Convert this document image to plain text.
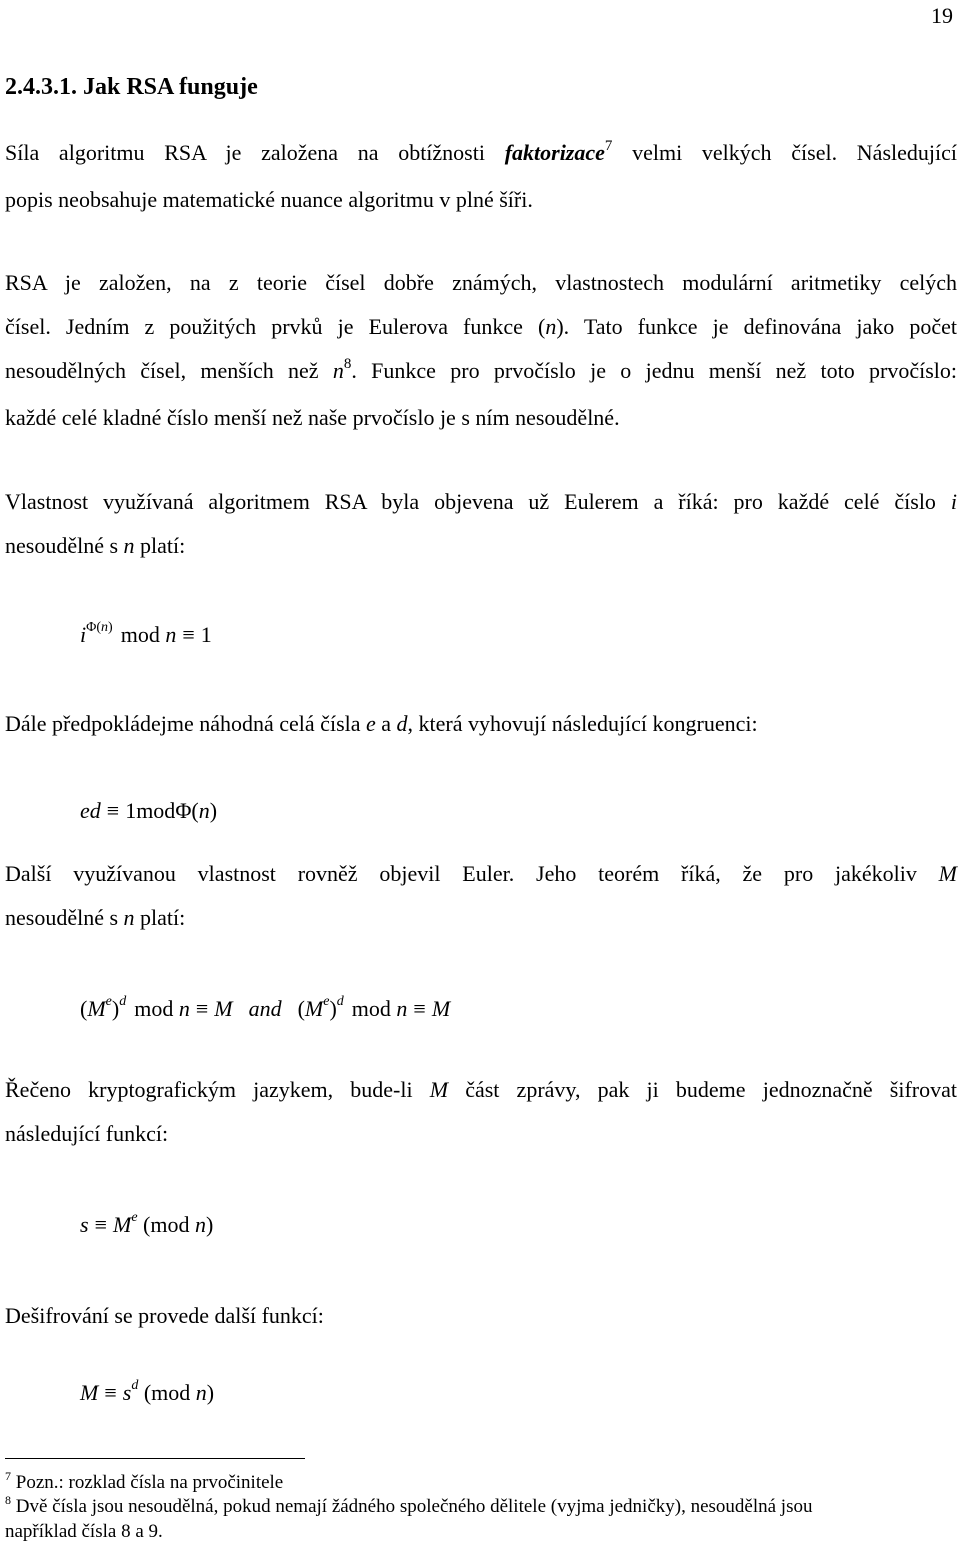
19
2.4.3.1. Jak RSA funguje
Síla algoritmu RSA je založena na obtížnosti faktorizace$^7$ velmi velkých čísel. Následující
popis neobsahuje matematické nuance algoritmu v plné šíři.
RSA je založen, na z teorie čísel dobře známých, vlastnostech modulární aritmetiky celých
čísel. Jedním z použitých prvků je Eulerova funkce (n). Tato funkce je definována jako počet
nesoudělných čísel, menších než $n^8$. Funkce pro prvočíslo je o jednu menší než toto prvočíslo:
každé celé kladné číslo menší než naše prvočíslo je s ním nesoudělné.
Vlastnost využívaná algoritmem RSA byla objevena už Eulerem a říká: pro každé celé číslo i
nesoudělné s n platí:
$i^{\Phi(n)}$ mod n ≡ 1
Dále předpokládejme náhodná celá čísla e a d, která vyhovují následující kongruenci:
ed ≡ 1modΦ(n)
Další využívanou vlastnost rovněž objevil Euler. Jeho teorém říká, že pro jakékoliv M
nesoudělné s n platí:
$(Me)^d$ mod n ≡ M and $(Me)^d$ mod n ≡ M
Řečeno kryptografickým jazykem, bude-li M část zprávy, pak ji budeme jednoznačně šifrovat
následující funkcí:
$s \equiv M^e$ (mod n)
Dešifrování se provede další funkcí:
$M \equiv s^d$ (mod n)
$^7$ Pozn.: rozklad čísla na prvočinitele
$^8$ Dvě čísla jsou nesoudělná, pokud nemají žádného společného dělitele (vyjma jedničky), nesoudělná jsou
například čísla 8 a 9.
